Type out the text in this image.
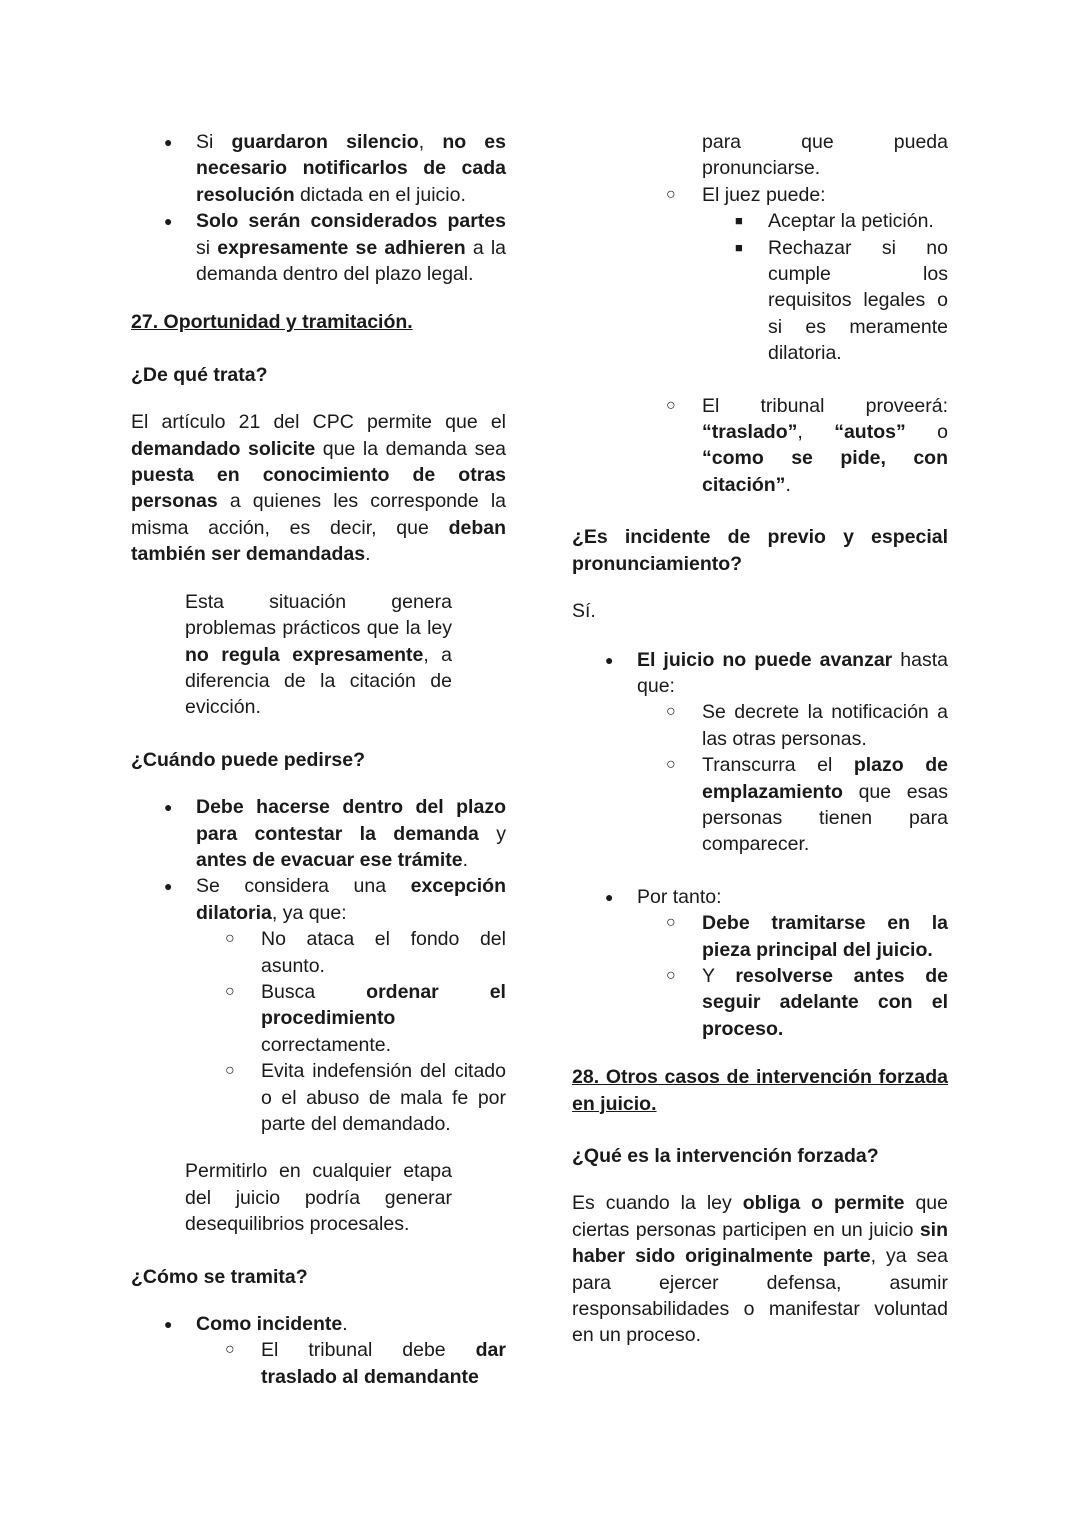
● Si guardaron silencio, no es necesario notificarlos de cada resolución dictada en el juicio.
● Solo serán considerados partes si expresamente se adhieren a la demanda dentro del plazo legal.

27. Oportunidad y tramitación.

¿De qué trata?

El artículo 21 del CPC permite que el demandado solicite que la demanda sea puesta en conocimiento de otras personas a quienes les corresponde la misma acción, es decir, que deban también ser demandadas.

Esta situación genera problemas prácticos que la ley no regula expresamente, a diferencia de la citación de evicción.

¿Cuándo puede pedirse?

● Debe hacerse dentro del plazo para contestar la demanda y antes de evacuar ese trámite.
● Se considera una excepción dilatoria, ya que:
○ No ataca el fondo del asunto.
○ Busca ordenar el procedimiento correctamente.
○ Evita indefensión del citado o el abuso de mala fe por parte del demandado.

Permitirlo en cualquier etapa del juicio podría generar desequilibrios procesales.

¿Cómo se tramita?

● Como incidente.
○ El tribunal debe dar traslado al demandante
para que pueda pronunciarse.
○ El juez puede:
■ Aceptar la petición.
■ Rechazar si no cumple los requisitos legales o si es meramente dilatoria.
○ El tribunal proveerá: “traslado”, “autos” o “como se pide, con citación”.

¿Es incidente de previo y especial pronunciamiento?

Sí.

● El juicio no puede avanzar hasta que:
○ Se decrete la notificación a las otras personas.
○ Transcurra el plazo de emplazamiento que esas personas tienen para comparecer.
● Por tanto:
○ Debe tramitarse en la pieza principal del juicio.
○ Y resolverse antes de seguir adelante con el proceso.

28. Otros casos de intervención forzada en juicio.

¿Qué es la intervención forzada?

Es cuando la ley obliga o permite que ciertas personas participen en un juicio sin haber sido originalmente parte, ya sea para ejercer defensa, asumir responsabilidades o manifestar voluntad en un proceso.
